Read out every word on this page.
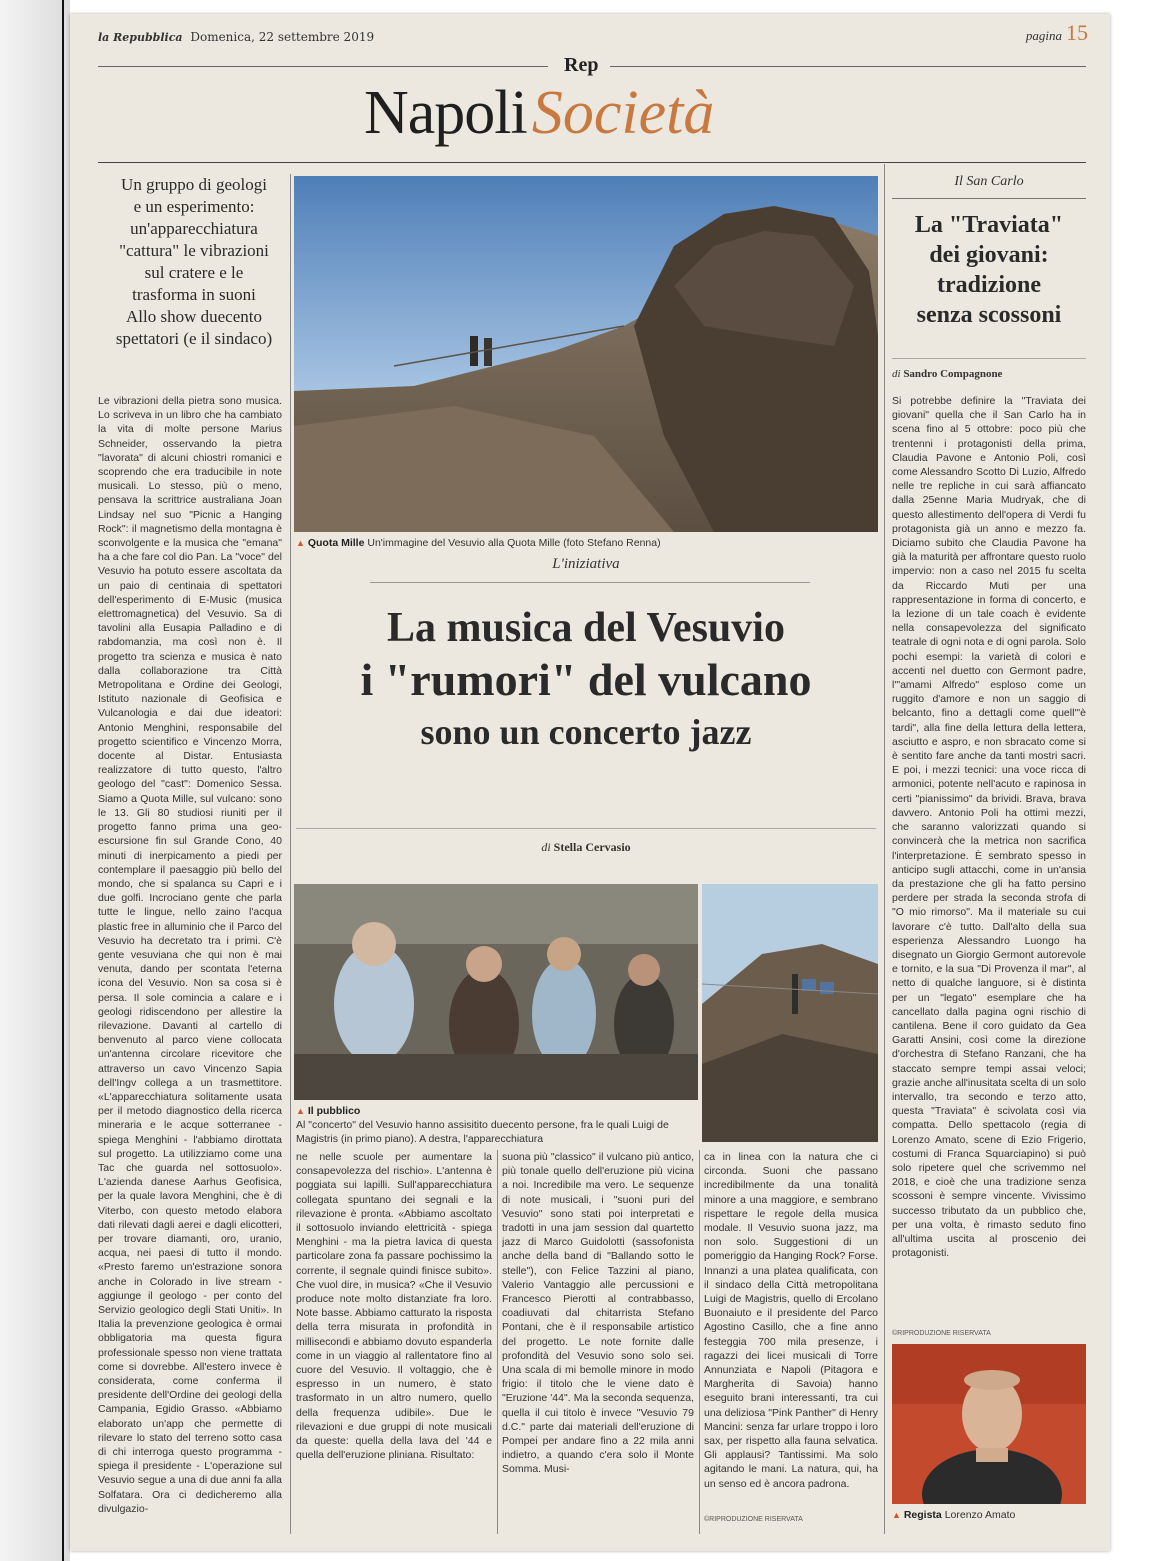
la Repubblica Domenica, 22 settembre 2019	pagina 15
Rep
Napoli Società
Un gruppo di geologi
e un esperimento:
un'apparecchiatura
"cattura" le vibrazioni
sul cratere e le
trasforma in suoni
Allo show duecento
spettatori (e il sindaco)
Le vibrazioni della pietra sono musica. Lo scriveva in un libro che ha cambiato la vita di molte persone Marius Schneider, osservando la pietra "lavorata" di alcuni chiostri romanici e scoprendo che era traducibile in note musicali. Lo stesso, più o meno, pensava la scrittrice australiana Joan Lindsay nel suo "Picnic a Hanging Rock": il magnetismo della montagna è sconvolgente e la musica che "emana" ha a che fare col dio Pan. La "voce" del Vesuvio ha potuto essere ascoltata da un paio di centinaia di spettatori dell'esperimento di E-Music (musica elettromagnetica) del Vesuvio. Sa di tavolini alla Eusapia Palladino e di rabdomanzia, ma così non è. Il progetto tra scienza e musica è nato dalla collaborazione tra Città Metropolitana e Ordine dei Geologi, Istituto nazionale di Geofisica e Vulcanologia e dai due ideatori: Antonio Menghini, responsabile del progetto scientifico e Vincenzo Morra, docente al Distar. Entusiasta realizzatore di tutto questo, l'altro geologo del "cast": Domenico Sessa. Siamo a Quota Mille, sul vulcano: sono le 13. Gli 80 studiosi riuniti per il progetto fanno prima una geo-escursione fin sul Grande Cono, 40 minuti di inerpicamento a piedi per contemplare il paesaggio più bello del mondo, che si spalanca su Capri e i due golfi. Incrociano gente che parla tutte le lingue, nello zaino l'acqua plastic free in alluminio che il Parco del Vesuvio ha decretato tra i primi. C'è gente vesuviana che qui non è mai venuta, dando per scontata l'eterna icona del Vesuvio. Non sa cosa si è persa. Il sole comincia a calare e i geologi ridiscendono per allestire la rilevazione. Davanti al cartello di benvenuto al parco viene collocata un'antenna circolare ricevitore che attraverso un cavo Vincenzo Sapia dell'Ingv collega a un trasmettitore. «L'apparecchiatura solitamente usata per il metodo diagnostico della ricerca mineraria e le acque sotterranee - spiega Menghini - l'abbiamo dirottata sul progetto. La utilizziamo come una Tac che guarda nel sottosuolo». L'azienda danese Aarhus Geofisica, per la quale lavora Menghini, che è di Viterbo, con questo metodo elabora dati rilevati dagli aerei e dagli elicotteri, per trovare diamanti, oro, uranio, acqua, nei paesi di tutto il mondo. «Presto faremo un'estrazione sonora anche in Colorado in live stream - aggiunge il geologo - per conto del Servizio geologico degli Stati Uniti». In Italia la prevenzione geologica è ormai obbligatoria ma questa figura professionale spesso non viene trattata come si dovrebbe. All'estero invece è considerata, come conferma il presidente dell'Ordine dei geologi della Campania, Egidio Grasso. «Abbiamo elaborato un'app che permette di rilevare lo stato del terreno sotto casa di chi interroga questo programma - spiega il presidente - L'operazione sul Vesuvio segue a una di due anni fa alla Solfatara. Ora ci dedicheremo alla divulgazio-
▲ Quota Mille Un'immagine del Vesuvio alla Quota Mille (foto Stefano Renna)
L'iniziativa
La musica del Vesuvio
i "rumori" del vulcano
sono un concerto jazz
di Stella Cervasio
▲ Il pubblico
Al "concerto" del Vesuvio hanno assisitito duecento persone, fra le quali Luigi de Magistris (in primo piano). A destra, l'apparecchiatura
ne nelle scuole per aumentare la consapevolezza del rischio». L'antenna è poggiata sui lapilli. Sull'apparecchiatura collegata spuntano dei segnali e la rilevazione è pronta. «Abbiamo ascoltato il sottosuolo inviando elettricità - spiega Menghini - ma la pietra lavica di questa particolare zona fa passare pochissimo la corrente, il segnale quindi finisce subito». Che vuol dire, in musica? «Che il Vesuvio produce note molto distanziate fra loro. Note basse. Abbiamo catturato la risposta della terra misurata in profondità in millisecondi e abbiamo dovuto espanderla come in un viaggio al rallentatore fino al cuore del Vesuvio. Il voltaggio, che è espresso in un numero, è stato trasformato in un altro numero, quello della frequenza udibile». Due le rilevazioni e due gruppi di note musicali da queste: quella della lava del '44 e quella dell'eruzione pliniana. Risultato:
suona più "classico" il vulcano più antico, più tonale quello dell'eruzione più vicina a noi. Incredibile ma vero. Le sequenze di note musicali, i "suoni puri del Vesuvio" sono stati poi interpretati e tradotti in una jam session dal quartetto jazz di Marco Guidolotti (sassofonista anche della band di "Ballando sotto le stelle"), con Felice Tazzini al piano, Valerio Vantaggio alle percussioni e Francesco Pierotti al contrabbasso, coadiuvati dal chitarrista Stefano Pontani, che è il responsabile artistico del progetto. Le note fornite dalle profondità del Vesuvio sono solo sei. Una scala di mi bemolle minore in modo frigio: il titolo che le viene dato è "Eruzione '44". Ma la seconda sequenza, quella il cui titolo è invece "Vesuvio 79 d.C." parte dai materiali dell'eruzione di Pompei per andare fino a 22 mila anni indietro, a quando c'era solo il Monte Somma. Musi-
ca in linea con la natura che ci circonda. Suoni che passano incredibilmente da una tonalità minore a una maggiore, e sembrano rispettare le regole della musica modale. Il Vesuvio suona jazz, ma non solo. Suggestioni di un pomeriggio da Hanging Rock? Forse. Innanzi a una platea qualificata, con il sindaco della Città metropolitana Luigi de Magistris, quello di Ercolano Buonaiuto e il presidente del Parco Agostino Casillo, che a fine anno festeggia 700 mila presenze, i ragazzi dei licei musicali di Torre Annunziata e Napoli (Pitagora e Margherita di Savoia) hanno eseguito brani interessanti, tra cui una deliziosa "Pink Panther" di Henry Mancini: senza far urlare troppo i loro sax, per rispetto alla fauna selvatica. Gli applausi? Tantissimi. Ma solo agitando le mani. La natura, qui, ha un senso ed è ancora padrona.
©RIPRODUZIONE RISERVATA
Il San Carlo
La "Traviata"
dei giovani:
tradizione
senza scossoni
di Sandro Compagnone
Si potrebbe definire la "Traviata dei giovani" quella che il San Carlo ha in scena fino al 5 ottobre: poco più che trentenni i protagonisti della prima, Claudia Pavone e Antonio Poli, così come Alessandro Scotto Di Luzio, Alfredo nelle tre repliche in cui sarà affiancato dalla 25enne Maria Mudryak, che di questo allestimento dell'opera di Verdi fu protagonista già un anno e mezzo fa. Diciamo subito che Claudia Pavone ha già la maturità per affrontare questo ruolo impervio: non a caso nel 2015 fu scelta da Riccardo Muti per una rappresentazione in forma di concerto, e la lezione di un tale coach è evidente nella consapevolezza del significato teatrale di ogni nota e di ogni parola. Solo pochi esempi: la varietà di colori e accenti nel duetto con Germont padre, l'"amami Alfredo" esploso come un ruggito d'amore e non un saggio di belcanto, fino a dettagli come quell'"è tardi", alla fine della lettura della lettera, asciutto e aspro, e non sbracato come si è sentito fare anche da tanti mostri sacri. E poi, i mezzi tecnici: una voce ricca di armonici, potente nell'acuto e rapinosa in certi "pianissimo" da brividi. Brava, brava davvero. Antonio Poli ha ottimi mezzi, che saranno valorizzati quando si convincerà che la metrica non sacrifica l'interpretazione. È sembrato spesso in anticipo sugli attacchi, come in un'ansia da prestazione che gli ha fatto persino perdere per strada la seconda strofa di "O mio rimorso". Ma il materiale su cui lavorare c'è tutto. Dall'alto della sua esperienza Alessandro Luongo ha disegnato un Giorgio Germont autorevole e tornito, e la sua "Di Provenza il mar", al netto di qualche languore, si è distinta per un "legato" esemplare che ha cancellato dalla pagina ogni rischio di cantilena. Bene il coro guidato da Gea Garatti Ansini, così come la direzione d'orchestra di Stefano Ranzani, che ha staccato sempre tempi assai veloci; grazie anche all'inusitata scelta di un solo intervallo, tra secondo e terzo atto, questa "Traviata" è scivolata così via compatta. Dello spettacolo (regia di Lorenzo Amato, scene di Ezio Frigerio, costumi di Franca Squarciapino) si può solo ripetere quel che scrivemmo nel 2018, e cioè che una tradizione senza scossoni è sempre vincente. Vivissimo successo tributato da un pubblico che, per una volta, è rimasto seduto fino all'ultima uscita al proscenio dei protagonisti.
©RIPRODUZIONE RISERVATA
▲ Regista Lorenzo Amato
